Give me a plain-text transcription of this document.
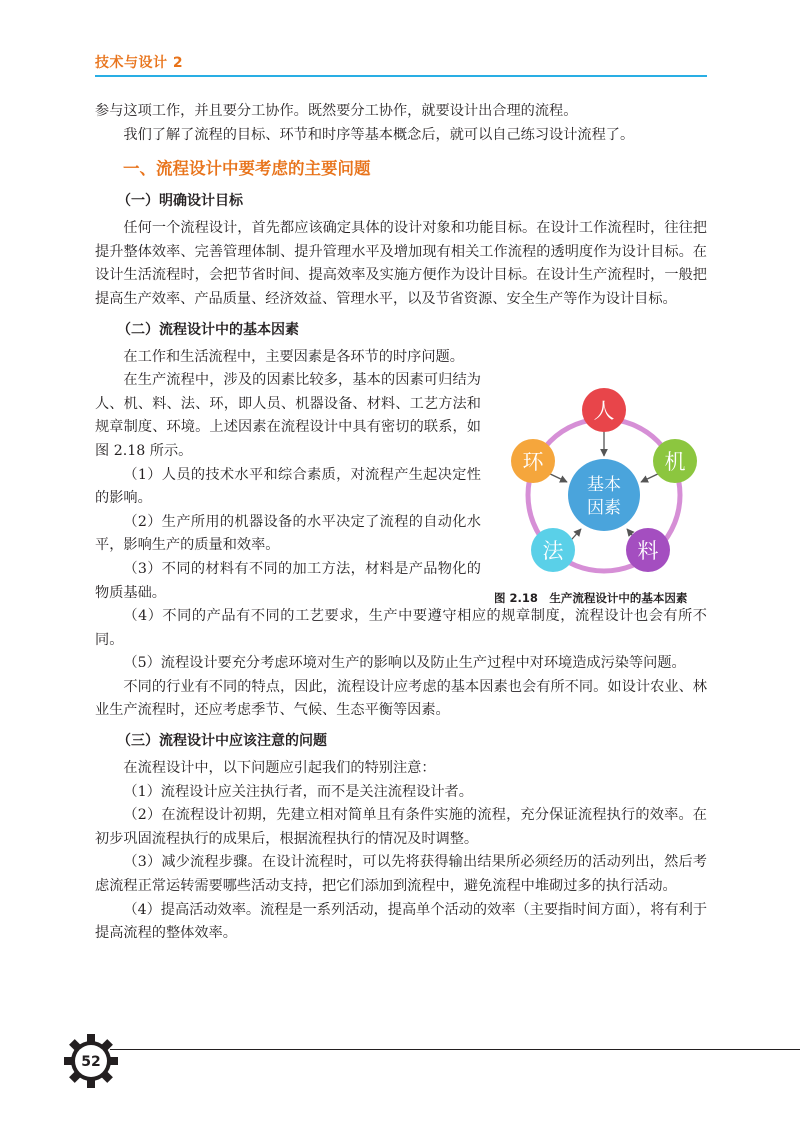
技术与设计 2

参与这项工作，并且要分工协作。既然要分工协作，就要设计出合理的流程。

我们了解了流程的目标、环节和时序等基本概念后，就可以自己练习设计流程了。

一、流程设计中要考虑的主要问题
（一）明确设计目标

任何一个流程设计，首先都应该确定具体的设计对象和功能目标。在设计工作流程时，往往把提升整体效率、完善管理体制、提升管理水平及增加现有相关工作流程的透明度作为设计目标。在设计生活流程时，会把节省时间、提高效率及实施方便作为设计目标。在设计生产流程时，一般把提高生产效率、产品质量、经济效益、管理水平，以及节省资源、安全生产等作为设计目标。

（二）流程设计中的基本因素

在工作和生活流程中，主要因素是各环节的时序问题。

在生产流程中，涉及的因素比较多，基本的因素可归结为人、机、料、法、环，即人员、机器设备、材料、工艺方法和规章制度、环境。上述因素在流程设计中具有密切的联系，如图 2.18 所示。

（1）人员的技术水平和综合素质，对流程产生起决定性的影响。

（2）生产所用的机器设备的水平决定了流程的自动化水平，影响生产的质量和效率。

（3）不同的材料有不同的加工方法，材料是产品物化的物质基础。

（4）不同的产品有不同的工艺要求，生产中要遵守相应的规章制度，流程设计也会有所不同。

（5）流程设计要充分考虑环境对生产的影响以及防止生产过程中对环境造成污染等问题。

不同的行业有不同的特点，因此，流程设计应考虑的基本因素也会有所不同。如设计农业、林业生产流程时，还应考虑季节、气候、生态平衡等因素。

（三）流程设计中应该注意的问题

在流程设计中，以下问题应引起我们的特别注意：

（1）流程设计应关注执行者，而不是关注流程设计者。

（2）在流程设计初期，先建立相对简单且有条件实施的流程，充分保证流程执行的效率。在初步巩固流程执行的成果后，根据流程执行的情况及时调整。

（3）减少流程步骤。在设计流程时，可以先将获得输出结果所必须经历的活动列出，然后考虑流程正常运转需要哪些活动支持，把它们添加到流程中，避免流程中堆砌过多的执行活动。

（4）提高活动效率。流程是一系列活动，提高单个活动的效率（主要指时间方面），将有利于提高流程的整体效率。

基本
因素
人
机
料
法
环
图 2.18　生产流程设计中的基本因素
52
